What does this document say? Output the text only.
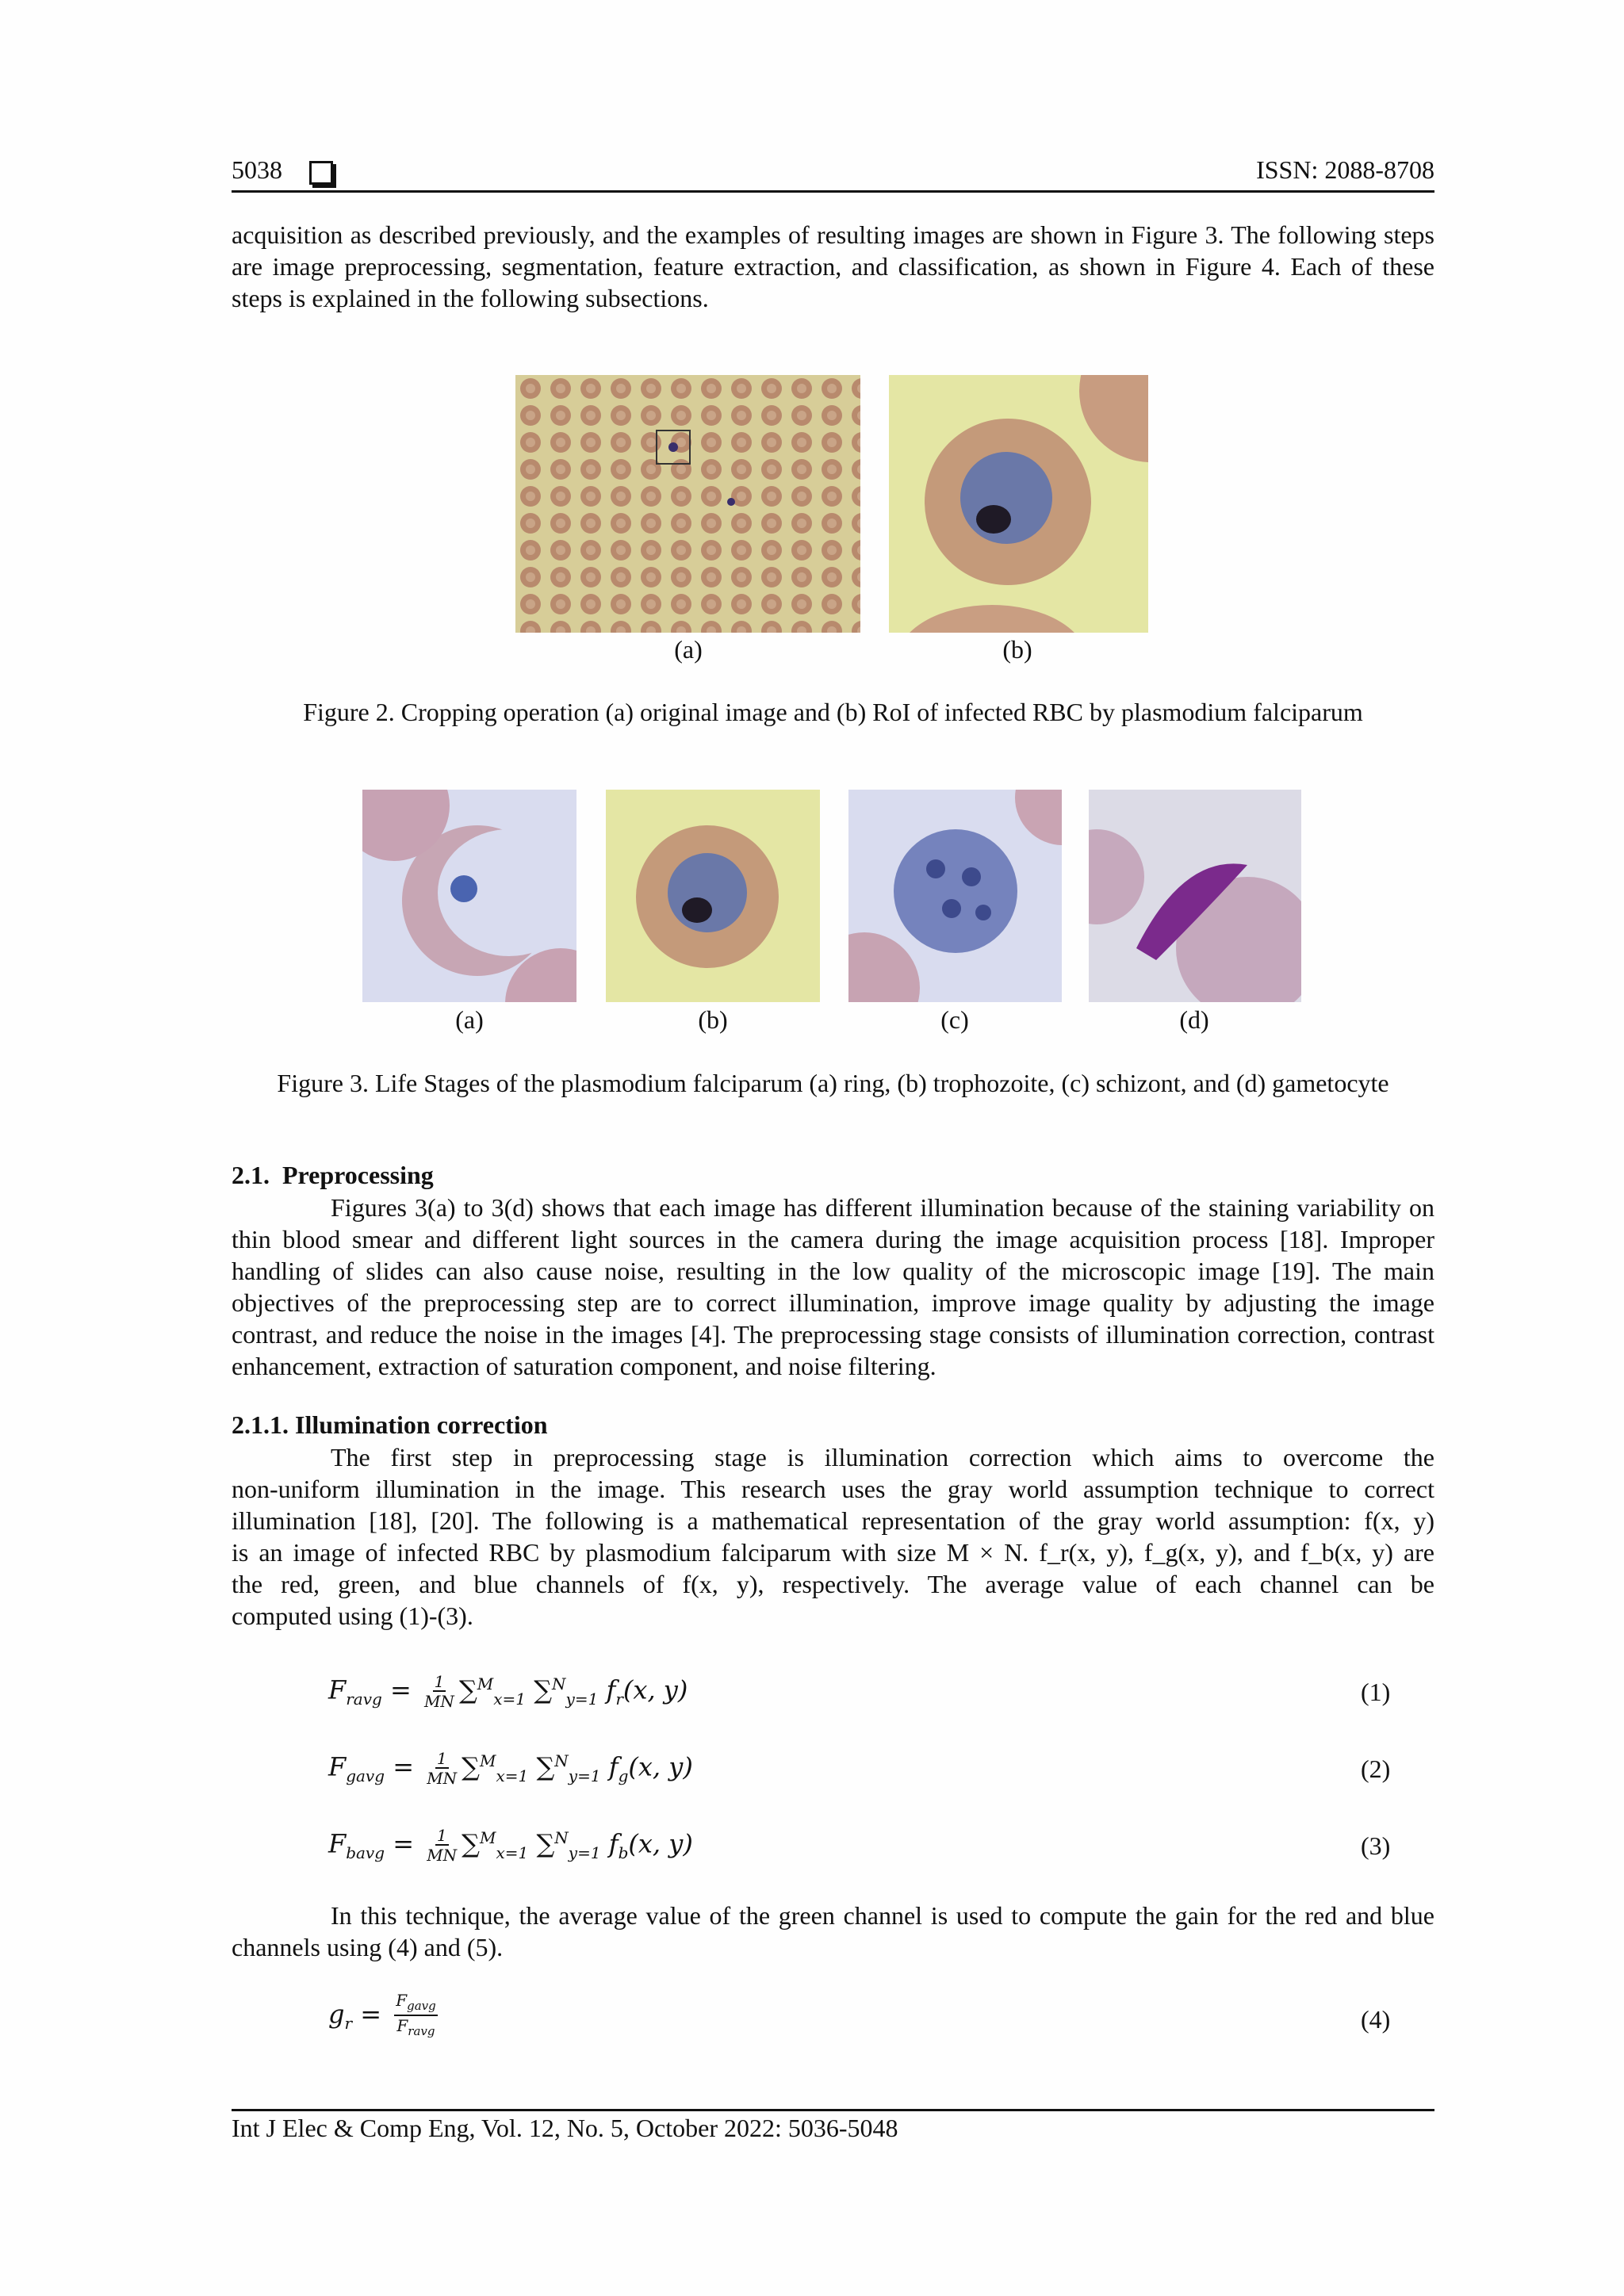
5038	ISSN: 2088-8708
acquisition as described previously, and the examples of resulting images are shown in Figure 3. The following steps are image preprocessing, segmentation, feature extraction, and classification, as shown in Figure 4. Each of these steps is explained in the following subsections.
(a)	(b)
Figure 2. Cropping operation (a) original image and (b) RoI of infected RBC by plasmodium falciparum
(a)	(b)	(c)	(d)
Figure 3. Life Stages of the plasmodium falciparum (a) ring, (b) trophozoite, (c) schizont, and (d) gametocyte
2.1.  Preprocessing
Figures 3(a) to 3(d) shows that each image has different illumination because of the staining variability on thin blood smear and different light sources in the camera during the image acquisition process [18]. Improper handling of slides can also cause noise, resulting in the low quality of the microscopic image [19]. The main objectives of the preprocessing step are to correct illumination, improve image quality by adjusting the image contrast, and reduce the noise in the images [4]. The preprocessing stage consists of illumination correction, contrast enhancement, extraction of saturation component, and noise filtering.
2.1.1. Illumination correction
The first step in preprocessing stage is illumination correction which aims to overcome the
non-uniform illumination in the image. This research uses the gray world assumption technique to correct
illumination [18], [20]. The following is a mathematical representation of the gray world assumption: f(x, y)
is an image of infected RBC by plasmodium falciparum with size M × N. f_r(x, y), f_g(x, y), and f_b(x, y) are
the red, green, and blue channels of f(x, y), respectively. The average value of each channel can be
computed using (1)-(3).
$F_{ravg} = \frac{1}{MN} \sum^M_{x=1}$ ∑$^N_{y=1}$ $f_r(x$, y)	(1)
$F_{gavg} = \frac{1}{MN} \sum^M_{x=1}$ ∑$^N_{y=1}$ $f_g(x$, y)	(2)
$F_{bavg} = \frac{1}{MN} \sum^M_{x=1}$ ∑$^N_{y=1}$ $f_b(x$, y)	(3)
In this technique, the average value of the green channel is used to compute the gain for the red and blue channels using (4) and (5).
$g_r = \frac{F_{gavg}}{F_{ravg}}$	(4)
Int J Elec & Comp Eng, Vol. 12, No. 5, October 2022: 5036-5048
